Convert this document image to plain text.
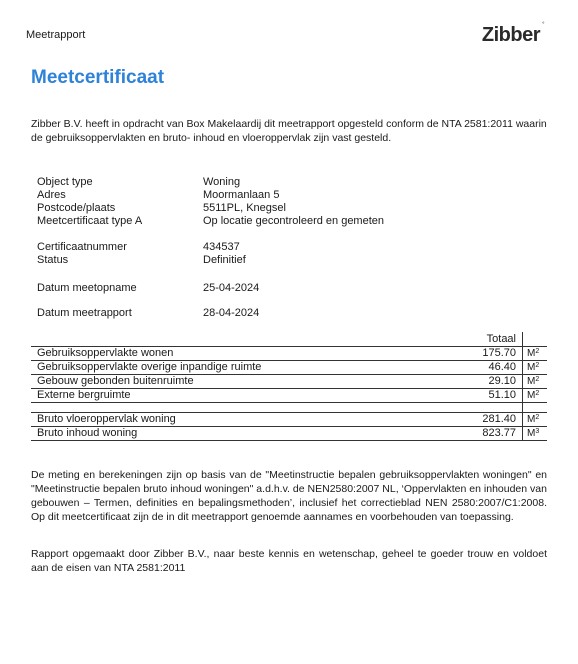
Meetrapport	Zibber °
Meetcertificaat
Zibber B.V. heeft in opdracht van Box Makelaardij dit meetrapport opgesteld conform de NTA 2581:2011 waarin de gebruiksoppervlakten en bruto- inhoud en vloeroppervlak zijn vast gesteld.
Object type	Woning
Adres	Moormanlaan 5
Postcode/plaats	5511PL, Knegsel
Meetcertificaat type A	Op locatie gecontroleerd en gemeten
Certificaatnummer	434537
Status	Definitief
Datum meetopname	25-04-2024
Datum meetrapport	28-04-2024
	Totaal	
Gebruiksoppervlakte wonen	175.70	$M^2$
Gebruiksoppervlakte overige inpandige ruimte	46.40	$M^2$
Gebouw gebonden buitenruimte	29.10	$M^2$
Externe bergruimte	51.10	$M^2$

Bruto vloeroppervlak woning	281.40	$M^2$
Bruto inhoud woning	823.77	$M^3$
De meting en berekeningen zijn op basis van de "Meetinstructie bepalen gebruiksoppervlakten woningen" en "Meetinstructie bepalen bruto inhoud woningen" a.d.h.v. de NEN2580:2007 NL, ‘Oppervlakten en inhouden van gebouwen – Termen, definities en bepalingsmethoden’, inclusief het correctieblad NEN 2580:2007/C1:2008. Op dit meetcertificaat zijn de in dit meetrapport genoemde aannames en voorbehouden van toepassing.
Rapport opgemaakt door Zibber B.V., naar beste kennis en wetenschap, geheel te goeder trouw en voldoet aan de eisen van NTA 2581:2011
